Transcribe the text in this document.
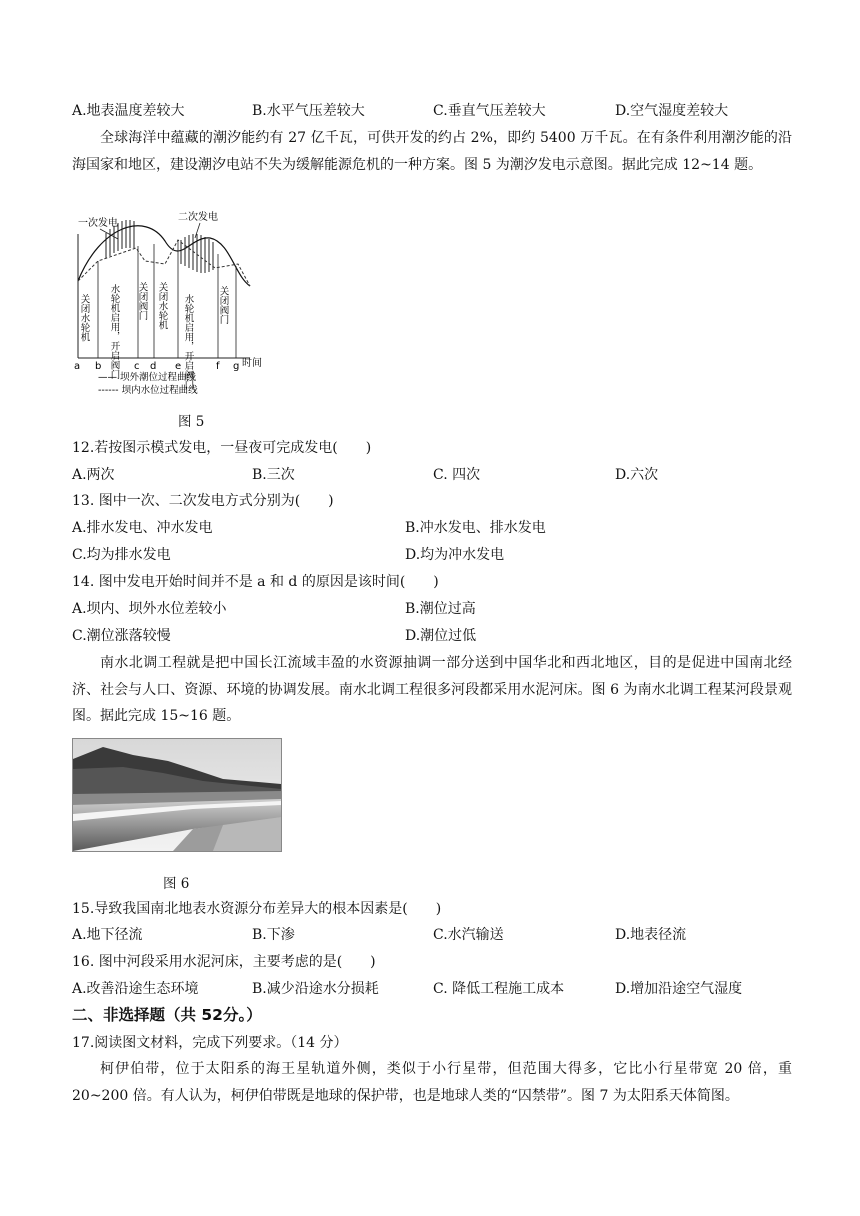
A.地表温度差较大	B.水平气压差较大	C.垂直气压差较大	D.空气湿度差较大
全球海洋中蕴藏的潮汐能约有 27 亿千瓦，可供开发的约占 2%，即约 5400 万千瓦。在有条件利用潮汐能的沿海国家和地区，建设潮汐电站不失为缓解能源危机的一种方案。图 5 为潮汐发电示意图。据此完成 12~14 题。
一次发电
二次发电
关闭水轮机 水轮机启用，开启阀门 关闭阀门 关闭水轮机 水轮机启用，开启阀门	关闭阀门
a b	c d e	f g 时间
—— 坝外潮位过程曲线
------ 坝内水位过程曲线
图 5
12.若按图示模式发电，一昼夜可完成发电(　　)
A.两次	B.三次	C. 四次	D.六次
13. 图中一次、二次发电方式分别为(　　)
A.排水发电、冲水发电	B.冲水发电、排水发电
C.均为排水发电	D.均为冲水发电
14. 图中发电开始时间并不是 a 和 d 的原因是该时间(　　)
A.坝内、坝外水位差较小	B.潮位过高
C.潮位涨落较慢	D.潮位过低
南水北调工程就是把中国长江流域丰盈的水资源抽调一部分送到中国华北和西北地区，目的是促进中国南北经济、社会与人口、资源、环境的协调发展。南水北调工程很多河段都采用水泥河床。图 6 为南水北调工程某河段景观图。据此完成 15~16 题。
图 6
15.导致我国南北地表水资源分布差异大的根本因素是(　　)
A.地下径流	B.下渗	C.水汽输送	D.地表径流
16. 图中河段采用水泥河床，主要考虑的是(　　)
A.改善沿途生态环境	B.减少沿途水分损耗	C. 降低工程施工成本	D.增加沿途空气湿度
二、非选择题（共 52分。）
17.阅读图文材料，完成下列要求。（14 分）
柯伊伯带，位于太阳系的海王星轨道外侧，类似于小行星带，但范围大得多，它比小行星带宽 20 倍，重 20~200 倍。有人认为，柯伊伯带既是地球的保护带，也是地球人类的“囚禁带”。图 7 为太阳系天体简图。
